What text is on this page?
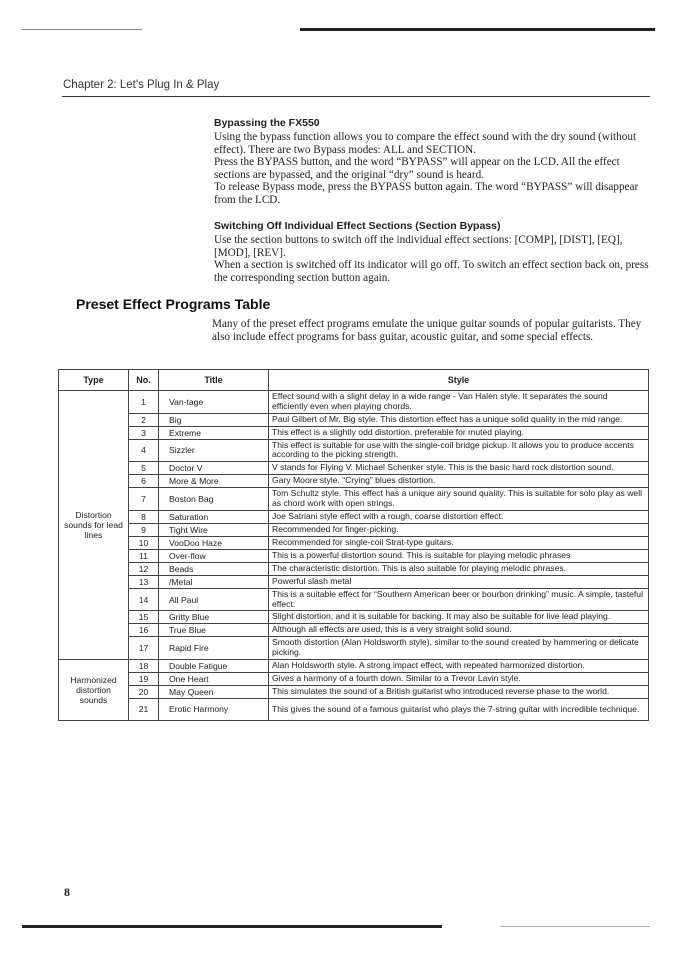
Chapter 2: Let's Plug In & Play
Bypassing the FX550
Using the bypass function allows you to compare the effect sound with the dry sound (without effect). There are two Bypass modes: ALL and SECTION.
Press the BYPASS button, and the word “BYPASS” will appear on the LCD. All the effect sections are bypassed, and the original “dry” sound is heard.
To release Bypass mode, press the BYPASS button again. The word “BYPASS” will disappear from the LCD.
Switching Off Individual Effect Sections (Section Bypass)
Use the section buttons to switch off the individual effect sections: [COMP], [DIST], [EQ], [MOD], [REV].
When a section is switched off its indicator will go off. To switch an effect section back on, press the corresponding section button again.
Preset Effect Programs Table
Many of the preset effect programs emulate the unique guitar sounds of popular guitarists. They also include effect programs for bass guitar, acoustic guitar, and some special effects.
Type	No.	Title	Style
Distortion sounds for lead lines	1	Van-tage	Effect sound with a slight delay in a wide range - Van Halen style. It separates the sound efficiently even when playing chords.
	2	Big	Paul Gilbert of Mr. Big style. This distortion effect has a unique solid quality in the mid range.
	3	Extreme	This effect is a slightly odd distortion, preferable for muted playing.
	4	Sizzler	This effect is suitable for use with the single-coil bridge pickup. It allows you to produce accents according to the picking strength.
	5	Doctor V	V stands for Flying V. Michael Schenker style. This is the basic hard rock distortion sound.
	6	More & More	Gary Moore style. “Crying” blues distortion.
	7	Boston Bag	Tom Schultz style. This effect has a unique airy sound quality. This is suitable for solo play as well as chord work with open strings.
	8	Saturation	Joe Satriani style effect with a rough, coarse distortion effect.
	9	Tight Wire	Recommended for finger-picking.
	10	VooDoo Haze	Recommended for single-coil Strat-type guitars.
	11	Over-flow	This is a powerful distortion sound. This is suitable for playing melodic phrases
	12	Beads	The characteristic distortion. This is also suitable for playing melodic phrases.
	13	/Metal	Powerful slash metal
	14	All Paul	This is a suitable effect for “Southern American beer or bourbon drinking” music. A simple, tasteful effect.
	15	Gritty Blue	Slight distortion, and it is suitable for backing. It may also be suitable for live lead playing.
	16	True Blue	Although all effects are used, this is a very straight solid sound.
	17	Rapid Fire	Smooth distortion (Alan Holdsworth style), similar to the sound created by hammering or delicate picking.
Harmonized distortion sounds	18	Double Fatigue	Alan Holdsworth style. A strong impact effect, with repeated harmonized distortion.
	19	One Heart	Gives a harmony of a fourth down. Similar to a Trevor Lavin style.
	20	May Queen	This simulates the sound of a British guitarist who introduced reverse phase to the world.
	21	Erotic Harmony	This gives the sound of a famous guitarist who plays the 7-string guitar with incredible technique.
8
